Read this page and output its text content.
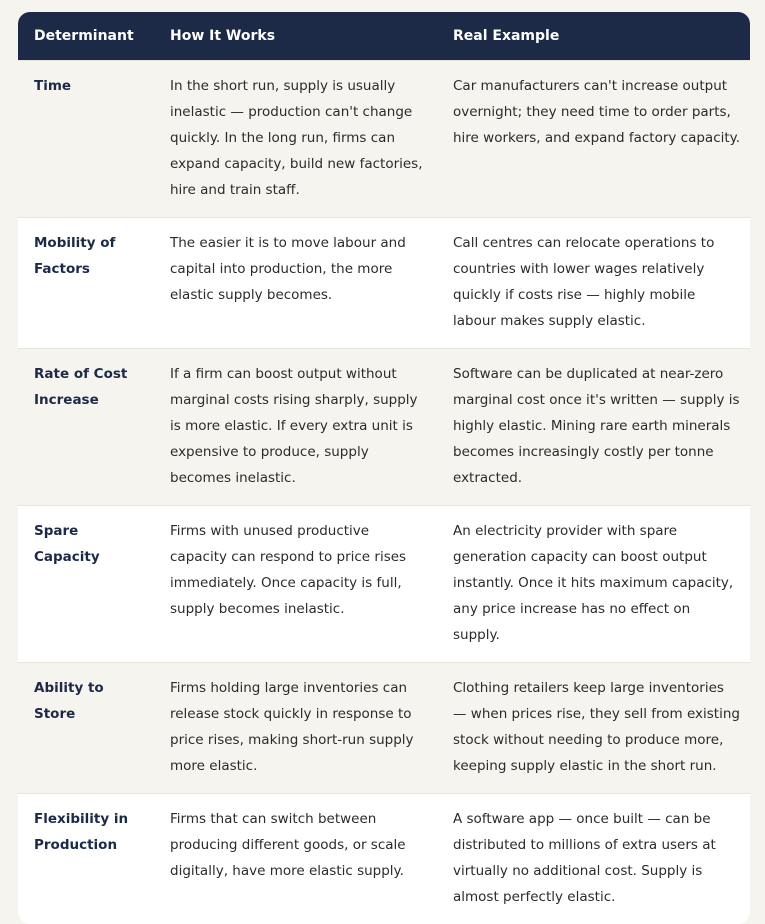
Determinant	How It Works	Real Example
Time	In the short run, supply is usually inelastic — production can't change quickly. In the long run, firms can expand capacity, build new factories, hire and train staff.	Car manufacturers can't increase output overnight; they need time to order parts, hire workers, and expand factory capacity.
Mobility of Factors	The easier it is to move labour and capital into production, the more elastic supply becomes.	Call centres can relocate operations to countries with lower wages relatively quickly if costs rise — highly mobile labour makes supply elastic.
Rate of Cost Increase	If a firm can boost output without marginal costs rising sharply, supply is more elastic. If every extra unit is expensive to produce, supply becomes inelastic.	Software can be duplicated at near-zero marginal cost once it's written — supply is highly elastic. Mining rare earth minerals becomes increasingly costly per tonne extracted.
Spare Capacity	Firms with unused productive capacity can respond to price rises immediately. Once capacity is full, supply becomes inelastic.	An electricity provider with spare generation capacity can boost output instantly. Once it hits maximum capacity, any price increase has no effect on supply.
Ability to Store	Firms holding large inventories can release stock quickly in response to price rises, making short-run supply more elastic.	Clothing retailers keep large inventories — when prices rise, they sell from existing stock without needing to produce more, keeping supply elastic in the short run.
Flexibility in Production	Firms that can switch between producing different goods, or scale digitally, have more elastic supply.	A software app — once built — can be distributed to millions of extra users at virtually no additional cost. Supply is almost perfectly elastic.
